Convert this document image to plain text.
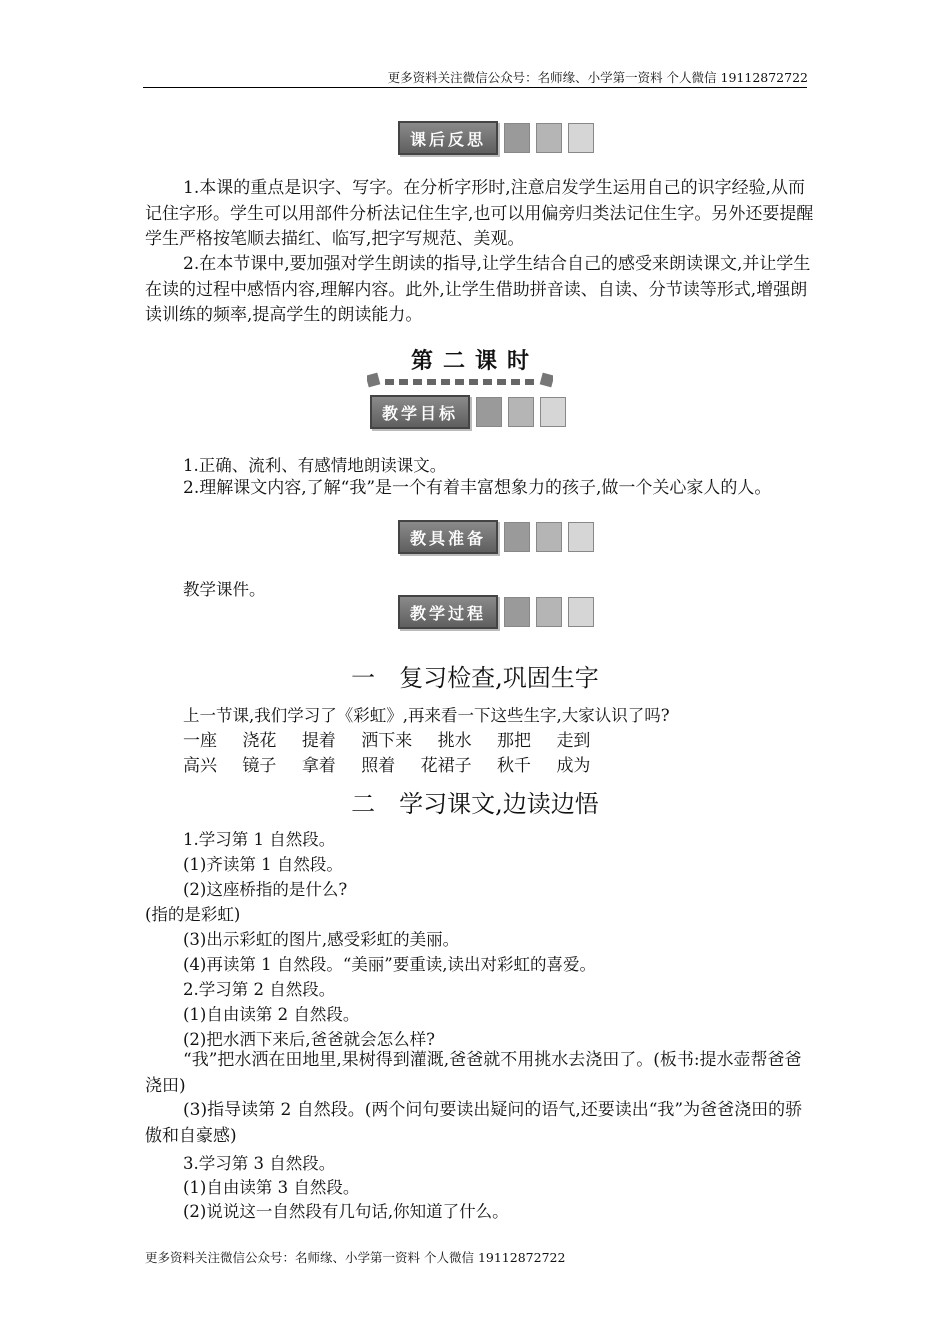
更多资料关注微信公众号：名师缘、小学第一资料 个人微信 19112872722
课后反思
1.本课的重点是识字、写字。在分析字形时,注意启发学生运用自己的识字经验,从而记住字形。学生可以用部件分析法记住生字,也可以用偏旁归类法记住生字。另外还要提醒学生严格按笔顺去描红、临写,把字写规范、美观。
2.在本节课中,要加强对学生朗读的指导,让学生结合自己的感受来朗读课文,并让学生在读的过程中感悟内容,理解内容。此外,让学生借助拼音读、自读、分节读等形式,增强朗读训练的频率,提高学生的朗读能力。
第二课时
教学目标
1.正确、流利、有感情地朗读课文。
2.理解课文内容,了解“我”是一个有着丰富想象力的孩子,做一个关心家人的人。
教具准备
教学课件。
教学过程
一　复习检查,巩固生字
上一节课,我们学习了《彩虹》,再来看一下这些生字,大家认识了吗?
一座 浇花 提着 洒下来 挑水 那把 走到
高兴 镜子 拿着 照着 花裙子 秋千 成为
二　学习课文,边读边悟
1.学习第 1 自然段。
(1)齐读第 1 自然段。
(2)这座桥指的是什么?
(指的是彩虹)
(3)出示彩虹的图片,感受彩虹的美丽。
(4)再读第 1 自然段。“美丽”要重读,读出对彩虹的喜爱。
2.学习第 2 自然段。
(1)自由读第 2 自然段。
(2)把水洒下来后,爸爸就会怎么样?
“我”把水洒在田地里,果树得到灌溉,爸爸就不用挑水去浇田了。(板书:提水壶帮爸爸浇田)
(3)指导读第 2 自然段。(两个问句要读出疑问的语气,还要读出“我”为爸爸浇田的骄傲和自豪感)
3.学习第 3 自然段。
(1)自由读第 3 自然段。
(2)说说这一自然段有几句话,你知道了什么。
更多资料关注微信公众号：名师缘、小学第一资料 个人微信 19112872722
